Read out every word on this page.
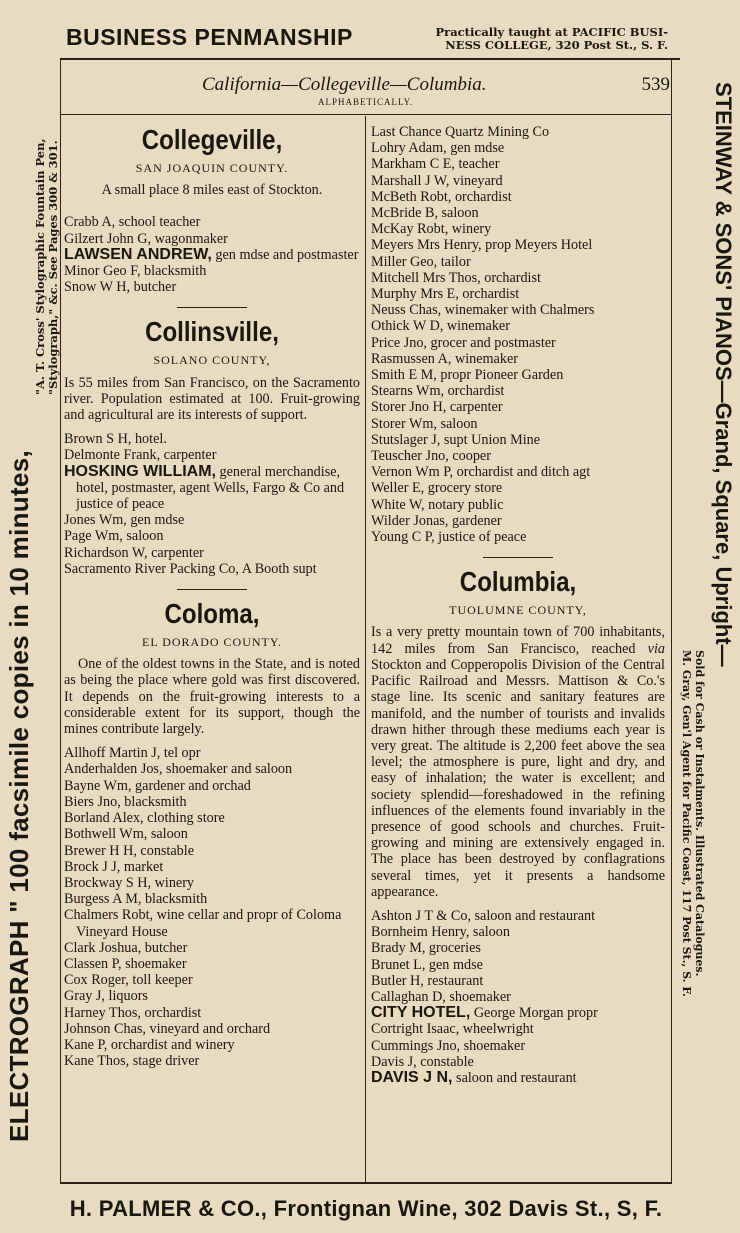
BUSINESS PENMANSHIP	Practically taught at PACIFIC BUSI-
NESS COLLEGE, 320 Post St., S. F.
California—Collegeville—Columbia.	539
ALPHABETICALLY.
ELECTROGRAPH " 100 facsimile copies in 10 minutes,
"A. T. Cross' Stylographic Fountain Pen, "Stylograph," &c. See Pages 300 & 301.	STEINWAY & SONS' PIANOS—Grand, Square, Upright—
Sold for Cash or Instalments. Illustrated Catalogues.
M. Gray, Gen'l Agent for Pacific Coast, 117 Post St., S. F.
Collegeville,
SAN JOAQUIN COUNTY.

A small place 8 miles east of Stockton.

Crabb A, school teacher

Gilzert John G, wagonmaker

LAWSEN ANDREW, gen mdse and postmaster

Minor Geo F, blacksmith

Snow W H, butcher

Collinsville,
SOLANO COUNTY,

Is 55 miles from San Francisco, on the Sacramento river. Population estimated at 100. Fruit-growing and agricultural are its interests of support.

Brown S H, hotel.

Delmonte Frank, carpenter

HOSKING WILLIAM, general merchandise, hotel, postmaster, agent Wells, Fargo & Co and justice of peace

Jones Wm, gen mdse

Page Wm, saloon

Richardson W, carpenter

Sacramento River Packing Co, A Booth supt

Coloma,
EL DORADO COUNTY.

One of the oldest towns in the State, and is noted as being the place where gold was first discovered. It depends on the fruit-growing interests to a considerable extent for its support, though the mines contribute largely.

Allhoff Martin J, tel opr

Anderhalden Jos, shoemaker and saloon

Bayne Wm, gardener and orchad

Biers Jno, blacksmith

Borland Alex, clothing store

Bothwell Wm, saloon

Brewer H H, constable

Brock J J, market

Brockway S H, winery

Burgess A M, blacksmith

Chalmers Robt, wine cellar and propr of Coloma Vineyard House

Clark Joshua, butcher

Classen P, shoemaker

Cox Roger, toll keeper

Gray J, liquors

Harney Thos, orchardist

Johnson Chas, vineyard and orchard

Kane P, orchardist and winery

Kane Thos, stage driver

Last Chance Quartz Mining Co

Lohry Adam, gen mdse

Markham C E, teacher

Marshall J W, vineyard

McBeth Robt, orchardist

McBride B, saloon

McKay Robt, winery

Meyers Mrs Henry, prop Meyers Hotel

Miller Geo, tailor

Mitchell Mrs Thos, orchardist

Murphy Mrs E, orchardist

Neuss Chas, winemaker with Chalmers

Othick W D, winemaker

Price Jno, grocer and postmaster

Rasmussen A, winemaker

Smith E M, propr Pioneer Garden

Stearns Wm, orchardist

Storer Jno H, carpenter

Storer Wm, saloon

Stutslager J, supt Union Mine

Teuscher Jno, cooper

Vernon Wm P, orchardist and ditch agt

Weller E, grocery store

White W, notary public

Wilder Jonas, gardener

Young C P, justice of peace

Columbia,
TUOLUMNE COUNTY,

Is a very pretty mountain town of 700 inhabitants, 142 miles from San Francisco, reached via Stockton and Copperopolis Division of the Central Pacific Railroad and Messrs. Mattison & Co.'s stage line. Its scenic and sanitary features are manifold, and the number of tourists and invalids drawn hither through these mediums each year is very great. The altitude is 2,200 feet above the sea level; the atmosphere is pure, light and dry, and easy of inhalation; the water is excellent; and society splendid—foreshadowed in the refining influences of the elements found invariably in the presence of good schools and churches. Fruit-growing and mining are extensively engaged in. The place has been destroyed by conflagrations several times, yet it presents a handsome appearance.

Ashton J T & Co, saloon and restaurant

Bornheim Henry, saloon

Brady M, groceries

Brunet L, gen mdse

Butler H, restaurant

Callaghan D, shoemaker

CITY HOTEL, George Morgan propr

Cortright Isaac, wheelwright

Cummings Jno, shoemaker

Davis J, constable

DAVIS J N, saloon and restaurant

H. PALMER & CO., Frontignan Wine, 302 Davis St., S, F.
